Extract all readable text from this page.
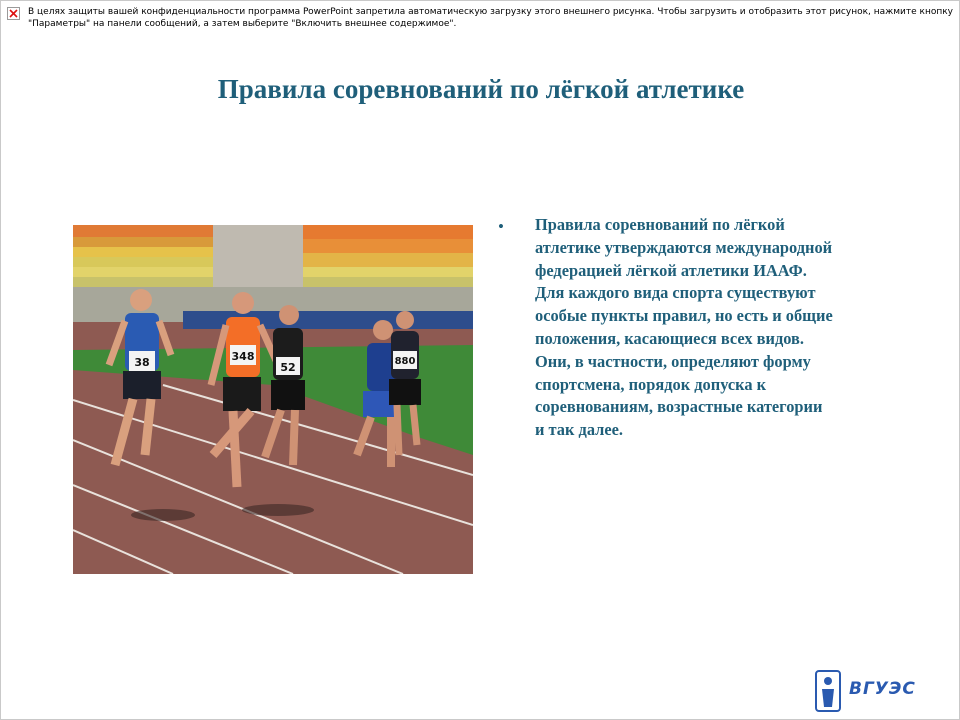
В целях защиты вашей конфиденциальности программа PowerPoint запретила автоматическую загрузку этого внешнего рисунка. Чтобы загрузить и отобразить этот рисунок, нажмите кнопку "Параметры" на панели сообщений, а затем выберите "Включить внешнее содержимое".
Правила соревнований по лёгкой атлетике
38	348
52	880
• Правила соревнований по лёгкой
атлетике утверждаются международной
федерацией лёгкой атлетики ИААФ.
Для каждого вида спорта существуют
особые пункты правил, но есть и общие
положения, касающиеся всех видов.
Они, в частности, определяют форму
спортсмена, порядок допуска к
соревнованиям, возрастные категории
и так далее.
ВГУЭС
